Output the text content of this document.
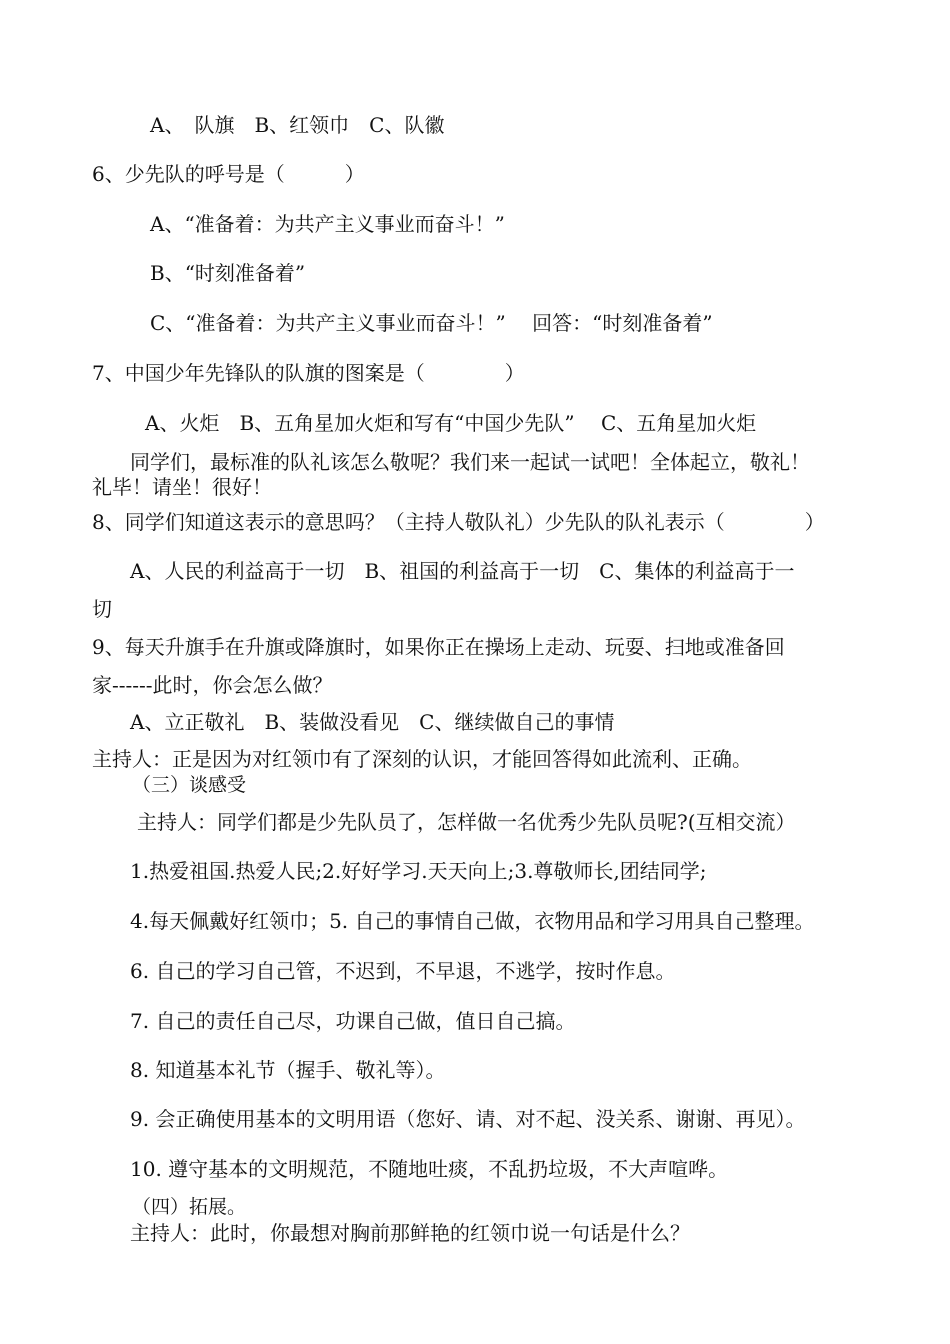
A、　队旗　B、红领巾　C、队徽
6、少先队的呼号是（　　　）
A、“准备着：为共产主义事业而奋斗！”
B、“时刻准备着”
C、“准备着：为共产主义事业而奋斗！”　 回答：“时刻准备着”
7、中国少年先锋队的队旗的图案是（　　　　）
A、火炬　B、五角星加火炬和写有“中国少先队”　 C、五角星加火炬
同学们，最标准的队礼该怎么敬呢？我们来一起试一试吧！全体起立，敬礼！
礼毕！请坐！很好！
8、同学们知道这表示的意思吗？（主持人敬队礼）少先队的队礼表示（　　　　）
A、人民的利益高于一切　B、祖国的利益高于一切　C、集体的利益高于一
切
9、每天升旗手在升旗或降旗时，如果你正在操场上走动、玩耍、扫地或准备回
家------此时，你会怎么做？
A、立正敬礼　B、装做没看见　C、继续做自己的事情
主持人：正是因为对红领巾有了深刻的认识，才能回答得如此流利、正确。
（三）谈感受
主持人：同学们都是少先队员了，怎样做一名优秀少先队员呢?(互相交流）
1.热爱祖国.热爱人民;2.好好学习.天天向上;3.尊敬师长,团结同学;
4.每天佩戴好红领巾；5. 自己的事情自己做，衣物用品和学习用具自己整理。
6. 自己的学习自己管，不迟到，不早退，不逃学，按时作息。
7. 自己的责任自己尽，功课自己做，值日自己搞。
8. 知道基本礼节（握手、敬礼等）。
9. 会正确使用基本的文明用语（您好、请、对不起、没关系、谢谢、再见）。
10. 遵守基本的文明规范，不随地吐痰，不乱扔垃圾，不大声喧哗。
（四）拓展。
主持人：此时，你最想对胸前那鲜艳的红领巾说一句话是什么？
